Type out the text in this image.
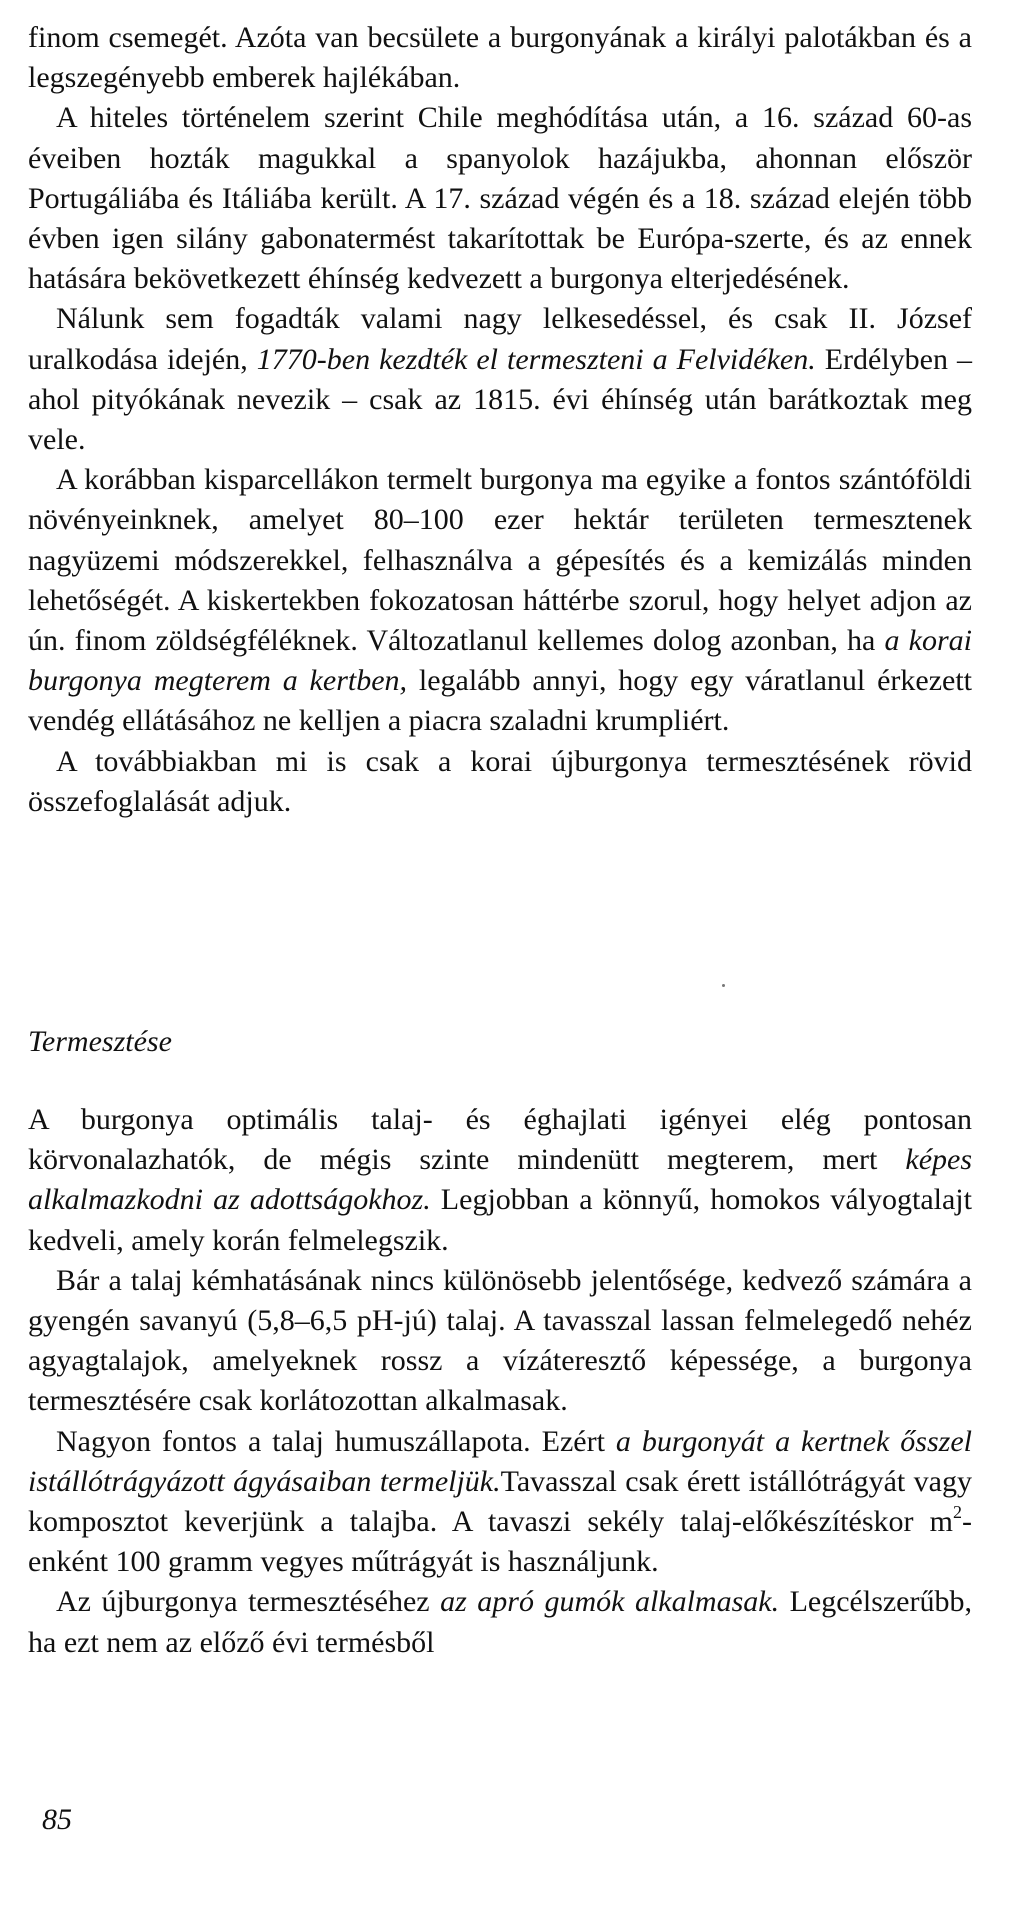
finom csemegét. Azóta van becsülete a burgonyának a királyi palotákban és a legszegényebb emberek hajlékában.

A hiteles történelem szerint Chile meghódítása után, a 16. század 60-as éveiben hozták magukkal a spanyolok hazájukba, ahonnan először Portugáliába és Itáliába került. A 17. század végén és a 18. század elején több évben igen silány gabonatermést takarítottak be Európa-szerte, és az ennek hatására bekövetkezett éhínség kedvezett a burgonya elterjedésének.

Nálunk sem fogadták valami nagy lelkesedéssel, és csak II. József uralkodása idején, 1770-ben kezdték el termeszteni a Felvidéken. Erdélyben – ahol pityókának nevezik – csak az 1815. évi éhínség után barátkoztak meg vele.

A korábban kisparcellákon termelt burgonya ma egyike a fontos szántóföldi növényeinknek, amelyet 80–100 ezer hektár területen termesztenek nagyüzemi módszerekkel, felhasználva a gépesítés és a kemizálás minden lehetőségét. A kiskertekben fokozatosan háttérbe szorul, hogy helyet adjon az ún. finom zöldségféléknek. Változatlanul kellemes dolog azonban, ha a korai burgonya megterem a kertben, legalább annyi, hogy egy váratlanul érkezett vendég ellátásához ne kelljen a piacra szaladni krumpliért.

A továbbiakban mi is csak a korai újburgonya termesztésének rövid összefoglalását adjuk.

Termesztése

A burgonya optimális talaj- és éghajlati igényei elég pontosan körvonalazhatók, de mégis szinte mindenütt megterem, mert képes alkalmazkodni az adottságokhoz. Legjobban a könnyű, homokos vályogtalajt kedveli, amely korán felmelegszik.

Bár a talaj kémhatásának nincs különösebb jelentősége, kedvező számára a gyengén savanyú (5,8–6,5 pH-jú) talaj. A tavasszal lassan felmelegedő nehéz agyagtalajok, amelyeknek rossz a vízáteresztő képessége, a burgonya termesztésére csak korlátozottan alkalmasak.

Nagyon fontos a talaj humuszállapota. Ezért a burgonyát a kertnek ősszel istállótrágyázott ágyásaiban termeljük.Tavasszal csak érett istállótrágyát vagy komposztot keverjünk a talajba. A tavaszi sekély talaj-előkészítéskor $m^2$-enként 100 gramm vegyes műtrágyát is használjunk.

Az újburgonya termesztéséhez az apró gumók alkalmasak. Legcélszerűbb, ha ezt nem az előző évi termésből

85
